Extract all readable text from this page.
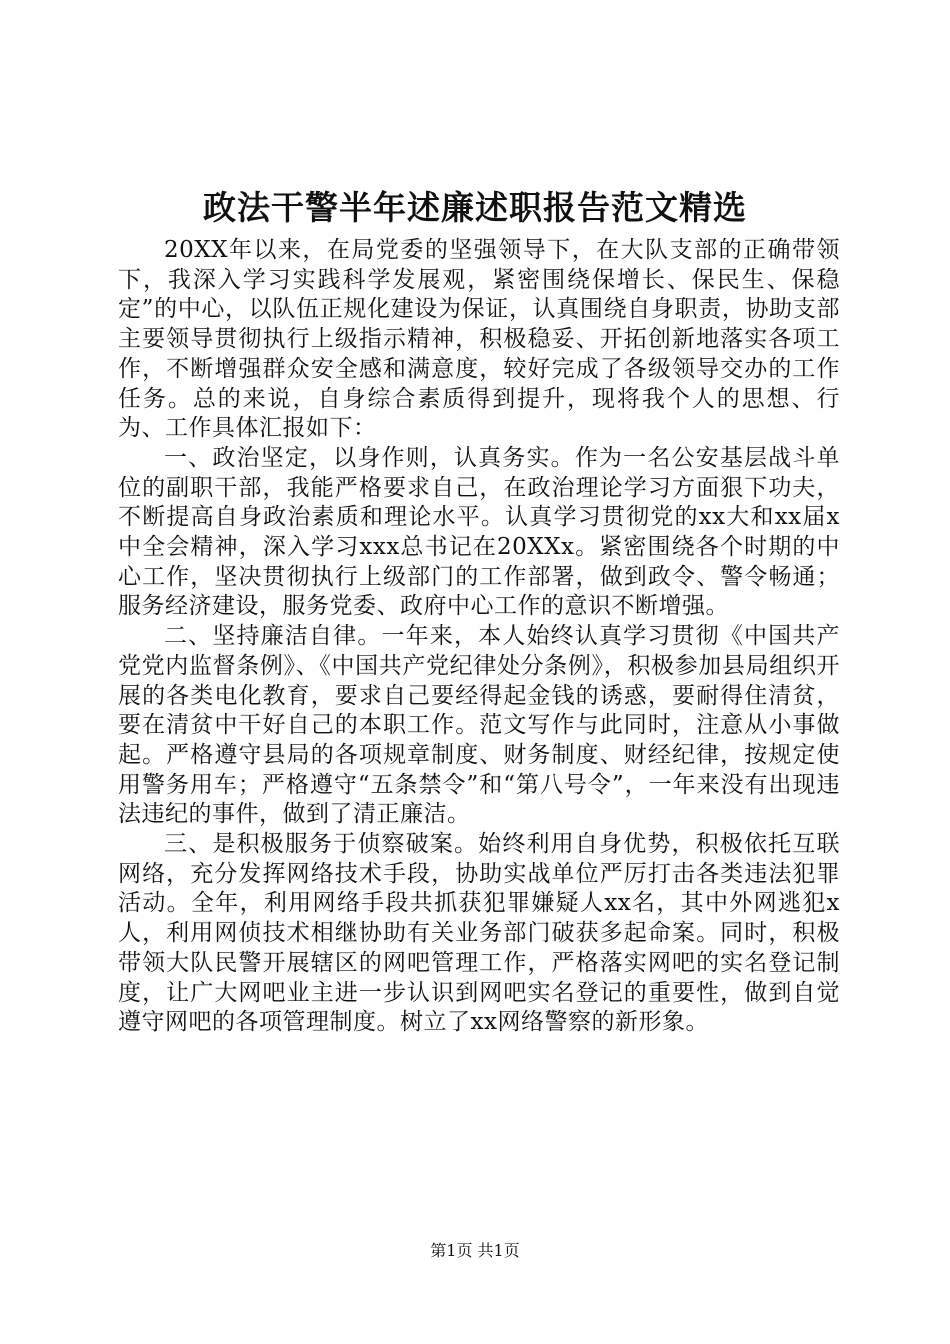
政法干警半年述廉述职报告范文精选

20XX年以来，在局党委的坚强领导下，在大队支部的正确带领下，我深入学习实践科学发展观，紧密围绕保增长、保民生、保稳定”的中心，以队伍正规化建设为保证，认真围绕自身职责，协助支部主要领导贯彻执行上级指示精神，积极稳妥、开拓创新地落实各项工作，不断增强群众安全感和满意度，较好完成了各级领导交办的工作任务。总的来说，自身综合素质得到提升，现将我个人的思想、行为、工作具体汇报如下：

一、政治坚定，以身作则，认真务实。作为一名公安基层战斗单位的副职干部，我能严格要求自己，在政治理论学习方面狠下功夫，不断提高自身政治素质和理论水平。认真学习贯彻党的xx大和xx届x中全会精神，深入学习xxx总书记在20XXx。紧密围绕各个时期的中心工作，坚决贯彻执行上级部门的工作部署，做到政令、警令畅通；服务经济建设，服务党委、政府中心工作的意识不断增强。

二、坚持廉洁自律。一年来，本人始终认真学习贯彻《中国共产党党内监督条例》、《中国共产党纪律处分条例》，积极参加县局组织开展的各类电化教育，要求自己要经得起金钱的诱惑，要耐得住清贫，要在清贫中干好自己的本职工作。范文写作与此同时，注意从小事做起。严格遵守县局的各项规章制度、财务制度、财经纪律，按规定使用警务用车；严格遵守“五条禁令”和“第八号令”，一年来没有出现违法违纪的事件，做到了清正廉洁。

三、是积极服务于侦察破案。始终利用自身优势，积极依托互联网络，充分发挥网络技术手段，协助实战单位严厉打击各类违法犯罪活动。全年，利用网络手段共抓获犯罪嫌疑人xx名，其中外网逃犯x人，利用网侦技术相继协助有关业务部门破获多起命案。同时，积极带领大队民警开展辖区的网吧管理工作，严格落实网吧的实名登记制度，让广大网吧业主进一步认识到网吧实名登记的重要性，做到自觉遵守网吧的各项管理制度。树立了xx网络警察的新形象。

第1页 共1页
